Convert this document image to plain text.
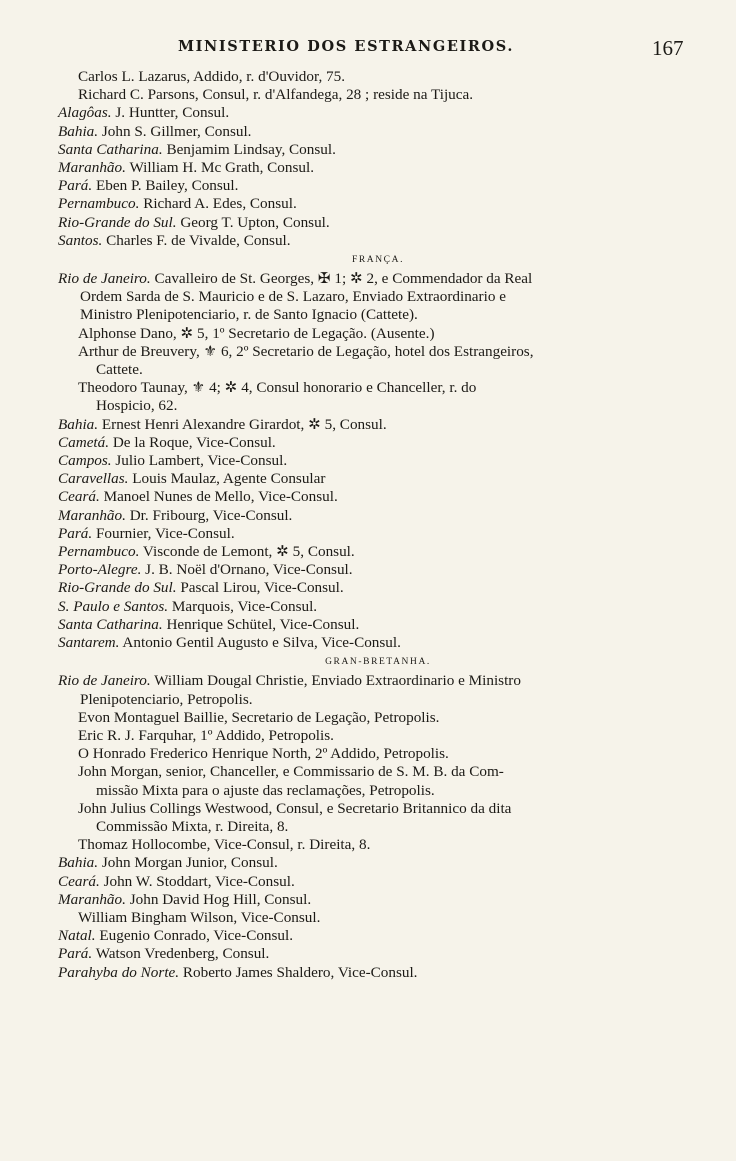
MINISTERIO DOS ESTRANGEIROS.	167
Carlos L. Lazarus, Addido, r. d'Ouvidor, 75.
Richard C. Parsons, Consul, r. d'Alfandega, 28 ; reside na Tijuca.
Alagôas. J. Huntter, Consul.
Bahia. John S. Gillmer, Consul.
Santa Catharina. Benjamim Lindsay, Consul.
Maranhão. William H. Mc Grath, Consul.
Pará. Eben P. Bailey, Consul.
Pernambuco. Richard A. Edes, Consul.
Rio-Grande do Sul. Georg T. Upton, Consul.
Santos. Charles F. de Vivalde, Consul.
FRANÇA.
Rio de Janeiro. Cavalleiro de St. Georges, ✠ 1; ✲ 2, e Commendador da Real
Ordem Sarda de S. Mauricio e de S. Lazaro, Enviado Extraordinario e
Ministro Plenipotenciario, r. de Santo Ignacio (Cattete).
Alphonse Dano, ✲ 5, 1º Secretario de Legação. (Ausente.)
Arthur de Breuvery, ⚜ 6, 2º Secretario de Legação, hotel dos Estrangeiros,
Cattete.
Theodoro Taunay, ⚜ 4; ✲ 4, Consul honorario e Chanceller, r. do
Hospicio, 62.
Bahia. Ernest Henri Alexandre Girardot, ✲ 5, Consul.
Cametá. De la Roque, Vice-Consul.
Campos. Julio Lambert, Vice-Consul.
Caravellas. Louis Maulaz, Agente Consular
Ceará. Manoel Nunes de Mello, Vice-Consul.
Maranhão. Dr. Fribourg, Vice-Consul.
Pará. Fournier, Vice-Consul.
Pernambuco. Visconde de Lemont, ✲ 5, Consul.
Porto-Alegre. J. B. Noël d'Ornano, Vice-Consul.
Rio-Grande do Sul. Pascal Lirou, Vice-Consul.
S. Paulo e Santos. Marquois, Vice-Consul.
Santa Catharina. Henrique Schütel, Vice-Consul.
Santarem. Antonio Gentil Augusto e Silva, Vice-Consul.
GRAN-BRETANHA.
Rio de Janeiro. William Dougal Christie, Enviado Extraordinario e Ministro
Plenipotenciario, Petropolis.
Evon Montaguel Baillie, Secretario de Legação, Petropolis.
Eric R. J. Farquhar, 1º Addido, Petropolis.
O Honrado Frederico Henrique North, 2º Addido, Petropolis.
John Morgan, senior, Chanceller, e Commissario de S. M. B. da Com-
missão Mixta para o ajuste das reclamações, Petropolis.
John Julius Collings Westwood, Consul, e Secretario Britannico da dita
Commissão Mixta, r. Direita, 8.
Thomaz Hollocombe, Vice-Consul, r. Direita, 8.
Bahia. John Morgan Junior, Consul.
Ceará. John W. Stoddart, Vice-Consul.
Maranhão. John David Hog Hill, Consul.
William Bingham Wilson, Vice-Consul.
Natal. Eugenio Conrado, Vice-Consul.
Pará. Watson Vredenberg, Consul.
Parahyba do Norte. Roberto James Shaldero, Vice-Consul.
